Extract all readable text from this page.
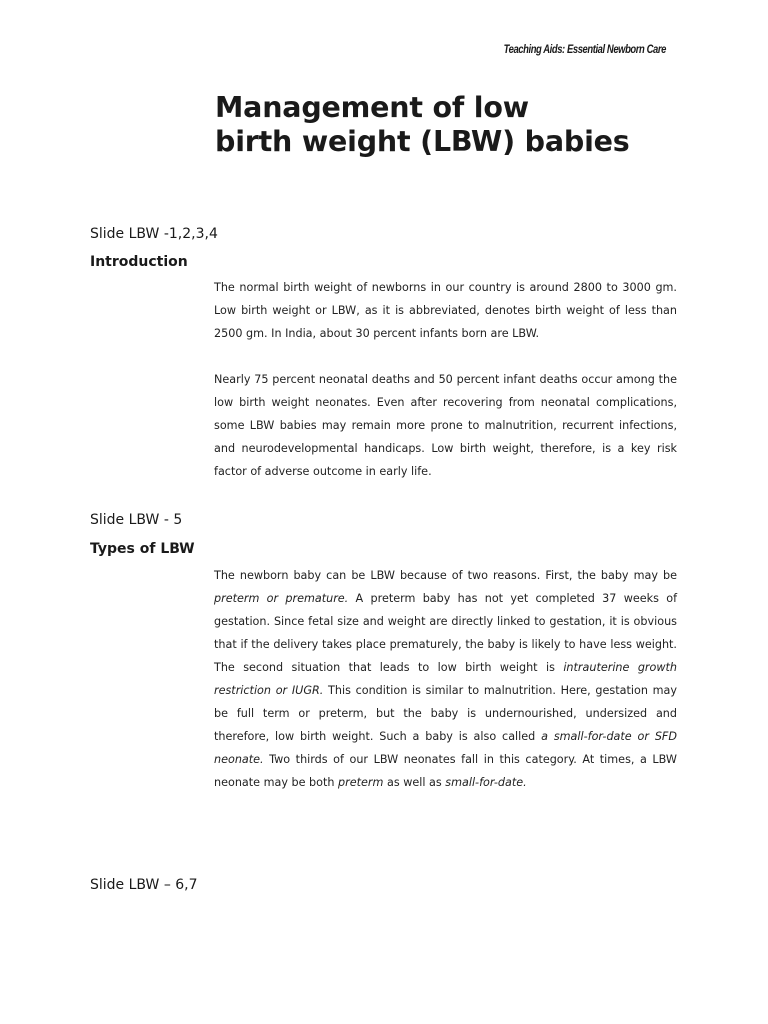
Teaching Aids: Essential Newborn Care
Management of low
birth weight (LBW) babies
Slide LBW -1,2,3,4
Introduction

The normal birth weight of newborns in our country is around 2800 to 3000 gm. Low birth weight or LBW, as it is abbreviated, denotes birth weight of less than 2500 gm. In India, about 30 percent infants born are LBW.

Nearly 75 percent neonatal deaths and 50 percent infant deaths occur among the low birth weight neonates. Even after recovering from neonatal complications, some LBW babies may remain more prone to malnutrition, recurrent infections, and neurodevelopmental handicaps. Low birth weight, therefore, is a key risk factor of adverse outcome in early life.

Slide LBW - 5
Types of LBW

The newborn baby can be LBW because of two reasons. First, the baby may be preterm or premature. A preterm baby has not yet completed 37 weeks of gestation. Since fetal size and weight are directly linked to gestation, it is obvious that if the delivery takes place prematurely, the baby is likely to have less weight. The second situation that leads to low birth weight is intrauterine growth restriction or IUGR. This condition is similar to malnutrition. Here, gestation may be full term or preterm, but the baby is undernourished, undersized and therefore, low birth weight. Such a baby is also called a small-for-date or SFD neonate. Two thirds of our LBW neonates fall in this category. At times, a LBW neonate may be both preterm as well as small-for-date.

Slide LBW – 6,7
